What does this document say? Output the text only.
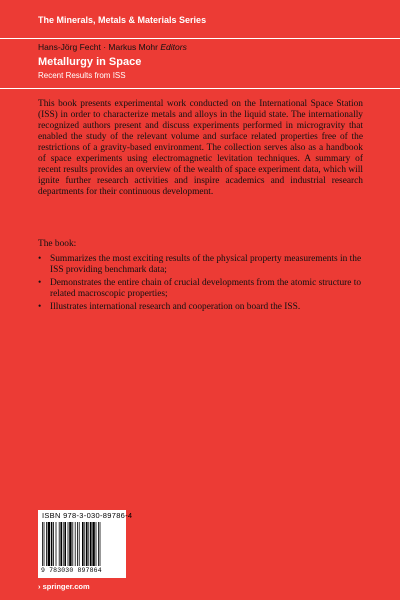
The Minerals, Metals & Materials Series
Hans-Jörg Fecht · Markus Mohr Editors
Metallurgy in Space
Recent Results from ISS

This book presents experimental work conducted on the International Space Station (ISS) in order to characterize metals and alloys in the liquid state. The internationally recognized authors present and discuss experiments performed in microgravity that enabled the study of the relevant volume and surface related properties free of the restrictions of a gravity-based environment. The collection serves also as a handbook of space experiments using electromagnetic levitation techniques. A summary of recent results provides an overview of the wealth of space experiment data, which will ignite further research activities and inspire academics and industrial research departments for their continuous development.

The book:

• Summarizes the most exciting results of the physical property measurements in the ISS providing benchmark data;
• Demonstrates the entire chain of crucial developments from the atomic structure to related macroscopic properties;
• Illustrates international research and cooperation on board the ISS.
ISBN 978-3-030-89786-4
9 783030 897864
› springer.com
